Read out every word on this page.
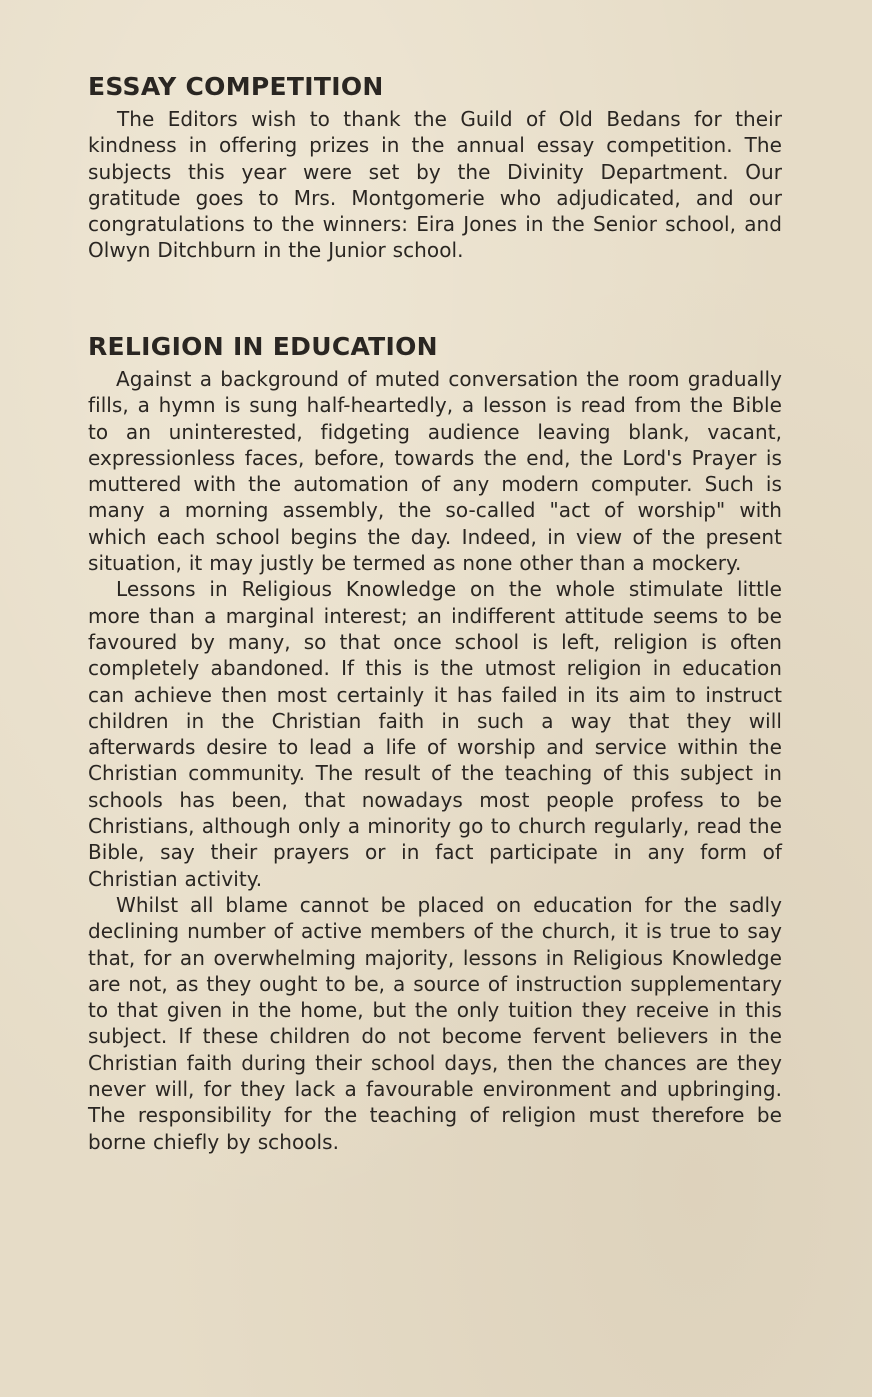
ESSAY COMPETITION

The Editors wish to thank the Guild of Old Bedans for their kindness in offering prizes in the annual essay competition. The subjects this year were set by the Divinity Department. Our gratitude goes to Mrs. Montgomerie who adjudicated, and our congratulations to the winners: Eira Jones in the Senior school, and Olwyn Ditchburn in the Junior school.

RELIGION IN EDUCATION

Against a background of muted conversation the room gradually fills, a hymn is sung half-heartedly, a lesson is read from the Bible to an uninterested, fidgeting audience leaving blank, vacant, expressionless faces, before, towards the end, the Lord's Prayer is muttered with the automation of any modern computer. Such is many a morning assembly, the so-called "act of worship" with which each school begins the day. Indeed, in view of the present situation, it may justly be termed as none other than a mockery.

Lessons in Religious Knowledge on the whole stimulate little more than a marginal interest; an indifferent attitude seems to be favoured by many, so that once school is left, religion is often completely abandoned. If this is the utmost religion in education can achieve then most certainly it has failed in its aim to instruct children in the Christian faith in such a way that they will afterwards desire to lead a life of worship and service within the Christian community. The result of the teaching of this subject in schools has been, that nowadays most people profess to be Christians, although only a minority go to church regularly, read the Bible, say their prayers or in fact participate in any form of Christian activity.

Whilst all blame cannot be placed on education for the sadly declining number of active members of the church, it is true to say that, for an overwhelming majority, lessons in Religious Knowledge are not, as they ought to be, a source of instruction supplementary to that given in the home, but the only tuition they receive in this subject. If these children do not become fervent believers in the Christian faith during their school days, then the chances are they never will, for they lack a favourable environment and upbringing. The responsibility for the teaching of religion must therefore be borne chiefly by schools.
